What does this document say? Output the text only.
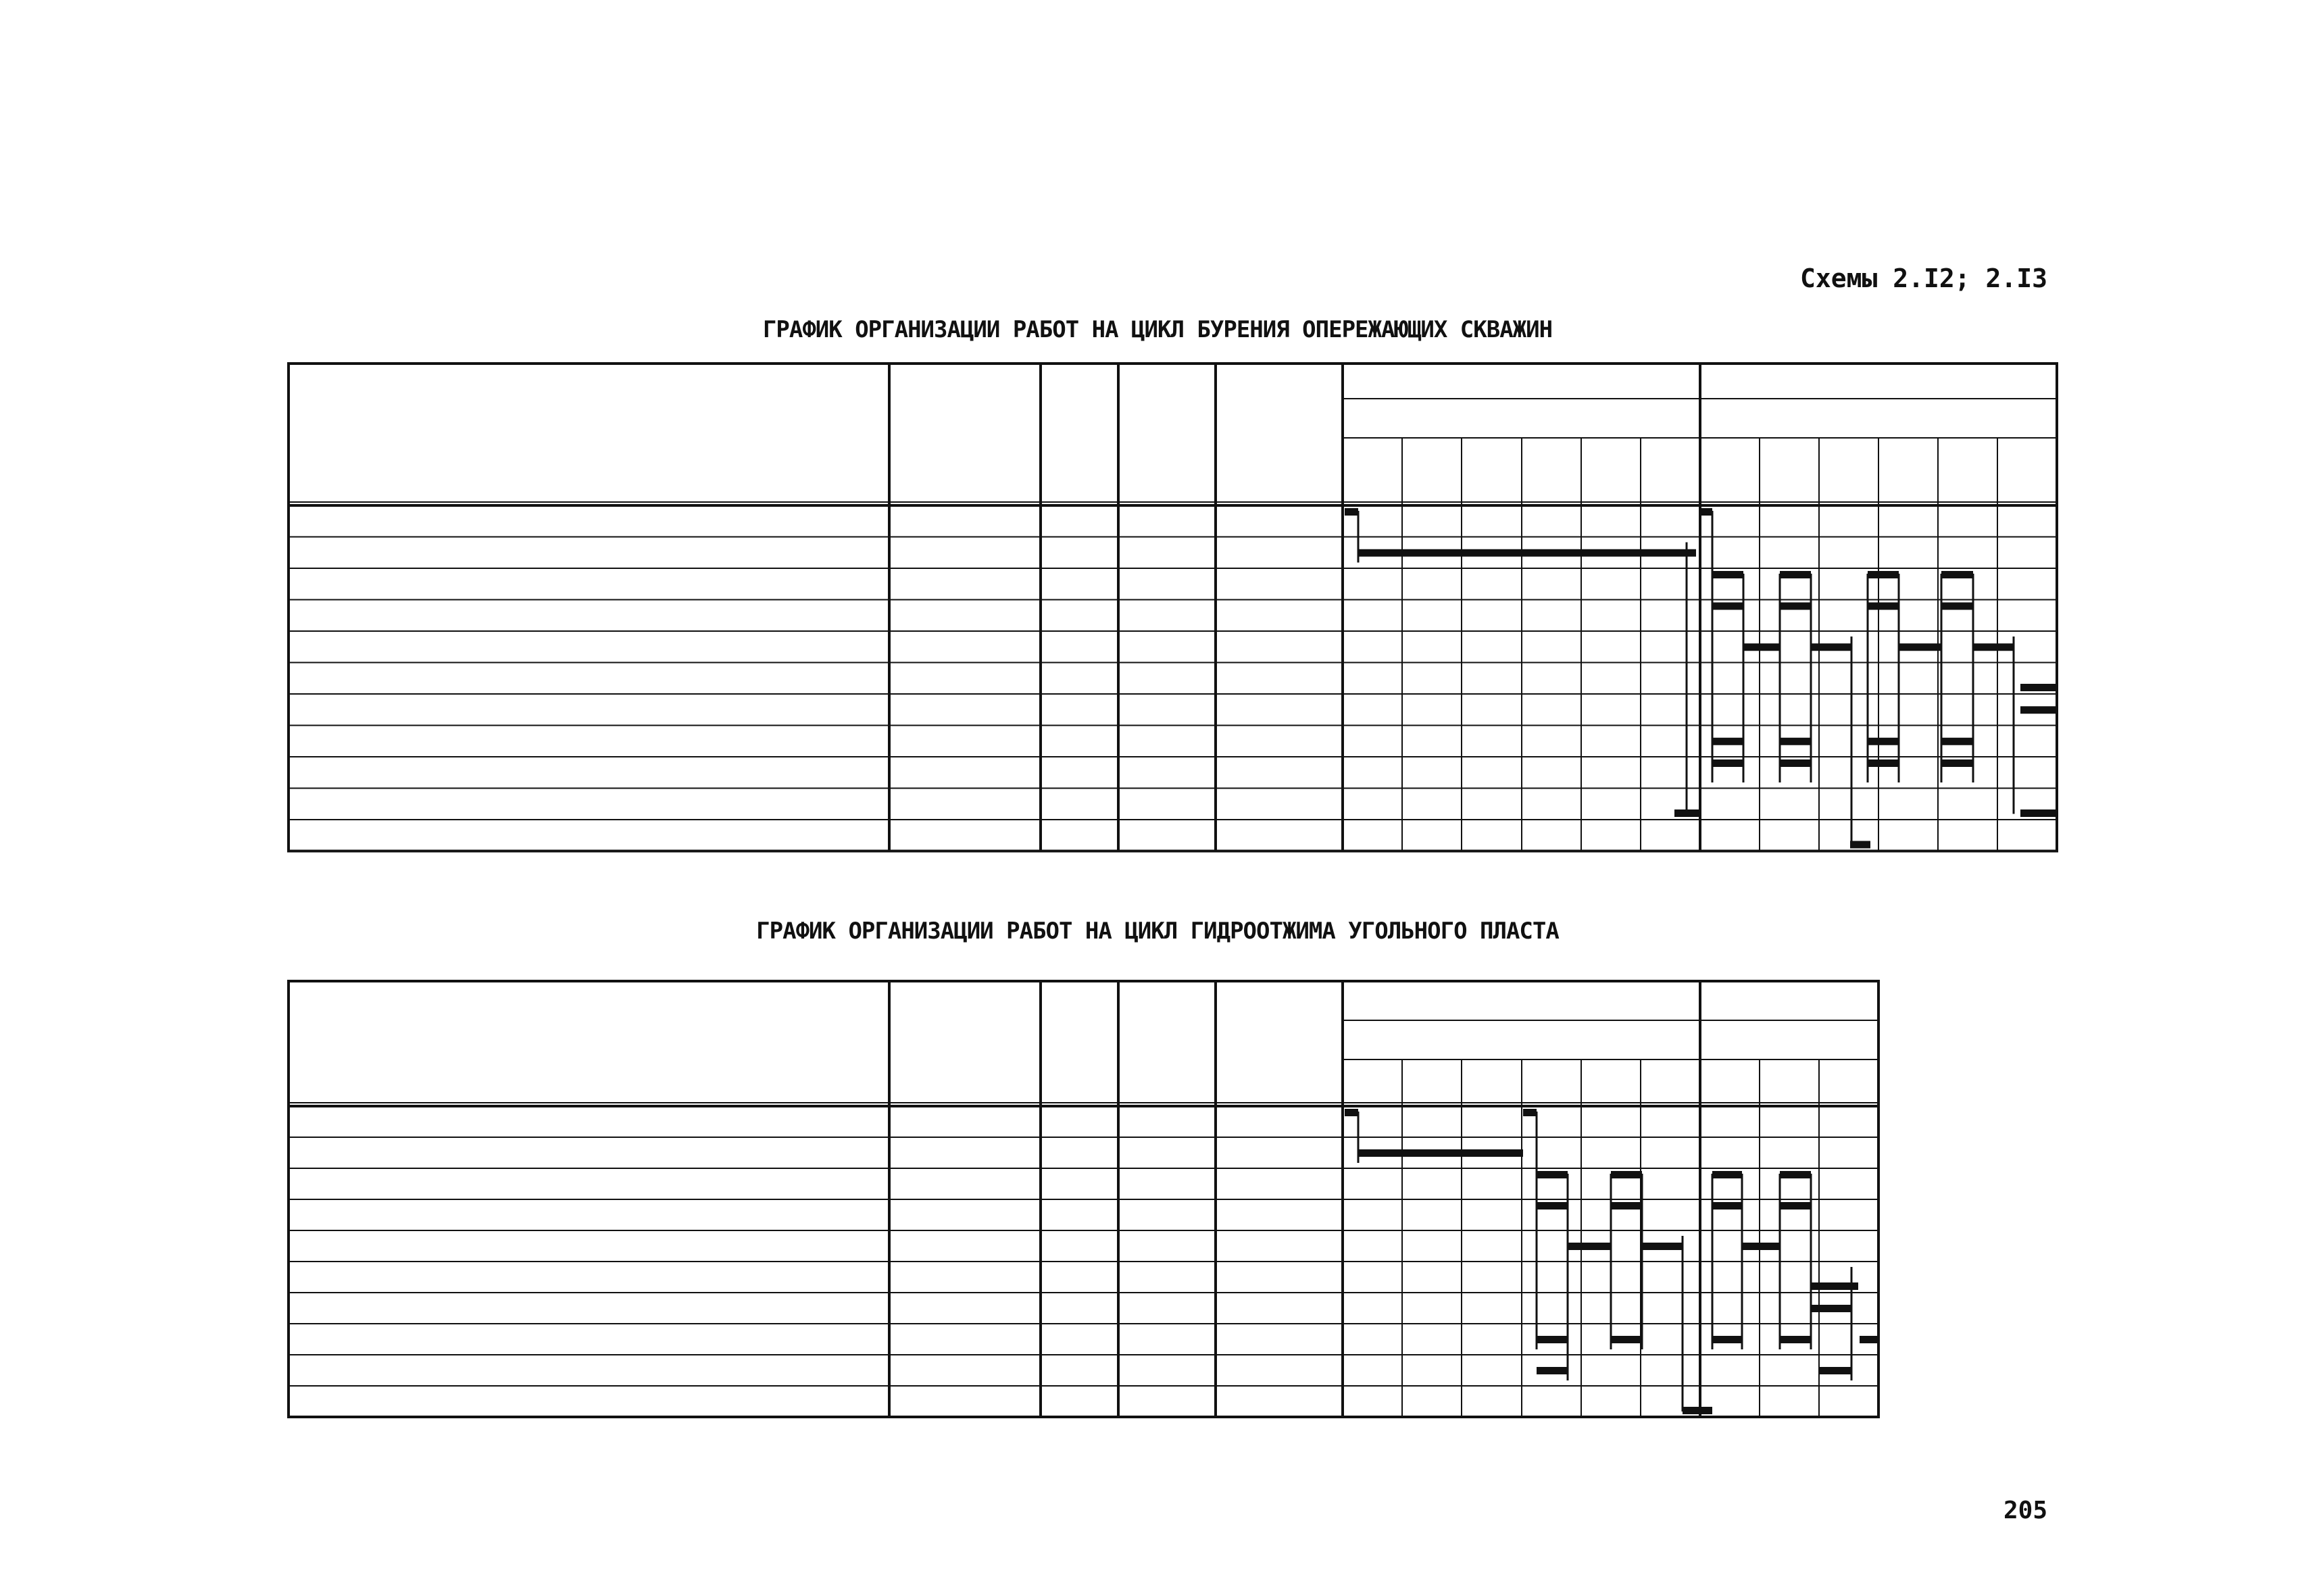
Схемы 2.I2; 2.I3
ГРАФИК ОРГАНИЗАЦИИ РАБОТ НА ЦИКЛ БУРЕНИЯ ОПЕРЕЖАЮЩИХ СКВАЖИН
ГРАФИК ОРГАНИЗАЦИИ РАБОТ НА ЦИКЛ ГИДРООТЖИМА УГОЛЬНОГО ПЛАСТА
205
